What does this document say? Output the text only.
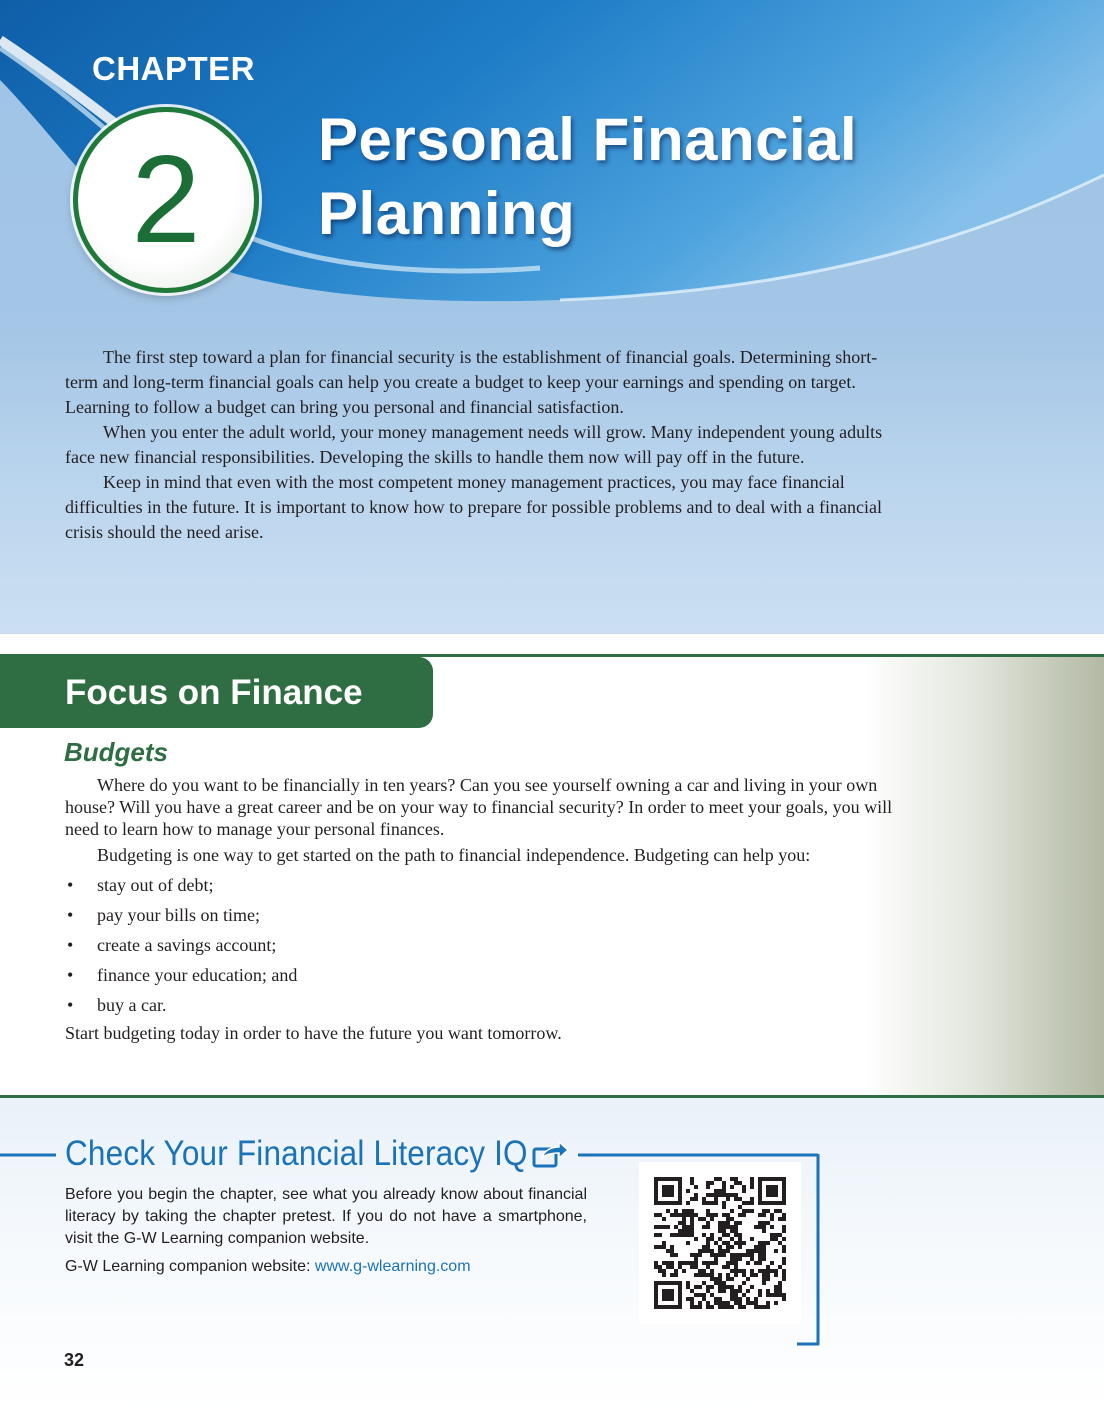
CHAPTER
2	Personal Financial
Planning

The first step toward a plan for financial security is the establishment of financial goals. Determining short-term and long-term financial goals can help you create a budget to keep your earnings and spending on target. Learning to follow a budget can bring you personal and financial satisfaction.

When you enter the adult world, your money management needs will grow. Many independent young adults face new financial responsibilities. Developing the skills to handle them now will pay off in the future.

Keep in mind that even with the most competent money management practices, you may face financial difficulties in the future. It is important to know how to prepare for possible problems and to deal with a financial crisis should the need arise.

Focus on Finance
Budgets

Where do you want to be financially in ten years? Can you see yourself owning a car and living in your own house? Will you have a great career and be on your way to financial security? In order to meet your goals, you will need to learn how to manage your personal finances.

Budgeting is one way to get started on the path to financial independence. Budgeting can help you:

• stay out of debt;
• pay your bills on time;
• create a savings account;
• finance your education; and
• buy a car.

Start budgeting today in order to have the future you want tomorrow.

Check Your Financial Literacy IQ

Before you begin the chapter, see what you already know about financial literacy by taking the chapter pretest. If you do not have a smartphone, visit the G-W Learning companion website.

G-W Learning companion website: www.g-wlearning.com

32
